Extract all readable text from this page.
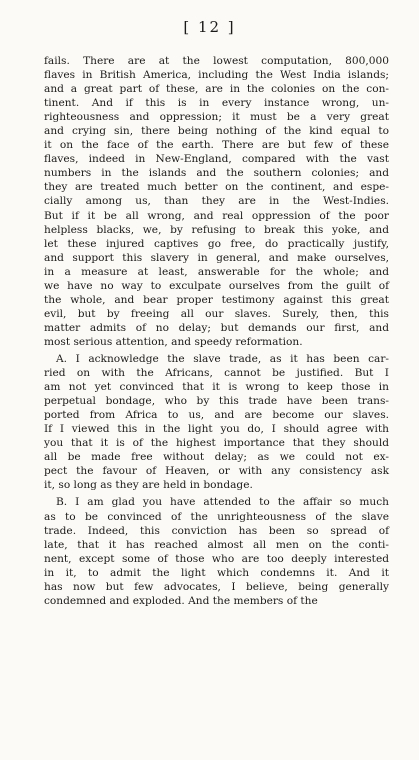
[ 12 ]
fails. There are at the lowest computation, 800,000
flaves in British America, including the West India islands;
and a great part of these, are in the colonies on the con-
tinent. And if this is in every instance wrong, un-
righteousness and oppression; it must be a very great
and crying sin, there being nothing of the kind equal to
it on the face of the earth. There are but few of these
flaves, indeed in New-England, compared with the vast
numbers in the islands and the southern colonies; and
they are treated much better on the continent, and espe-
cially among us, than they are in the West-Indies.
But if it be all wrong, and real oppression of the poor
helpless blacks, we, by refusing to break this yoke, and
let these injured captives go free, do practically justify,
and support this slavery in general, and make ourselves,
in a measure at least, answerable for the whole; and
we have no way to exculpate ourselves from the guilt of
the whole, and bear proper testimony against this great
evil, but by freeing all our slaves. Surely, then, this
matter admits of no delay; but demands our first, and
most serious attention, and speedy reformation.
A. I acknowledge the slave trade, as it has been car-
ried on with the Africans, cannot be justified. But I
am not yet convinced that it is wrong to keep those in
perpetual bondage, who by this trade have been trans-
ported from Africa to us, and are become our slaves.
If I viewed this in the light you do, I should agree with
you that it is of the highest importance that they should
all be made free without delay; as we could not ex-
pect the favour of Heaven, or with any consistency ask
it, so long as they are held in bondage.
B. I am glad you have attended to the affair so much
as to be convinced of the unrighteousness of the slave
trade. Indeed, this conviction has been so spread of
late, that it has reached almost all men on the conti-
nent, except some of those who are too deeply interested
in it, to admit the light which condemns it. And it
has now but few advocates, I believe, being generally
condemned and exploded. And the members of the
